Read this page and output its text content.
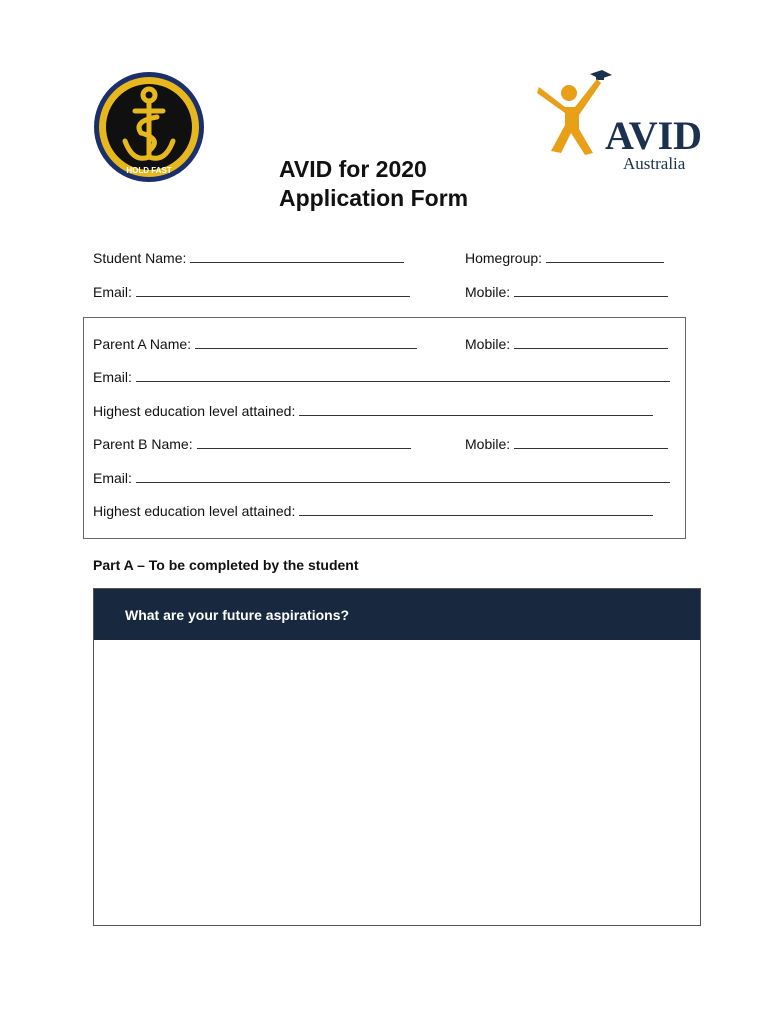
HOLD FAST
AVID
Australia
AVID for 2020
Application Form
Student Name:	Homegroup:
Email:	Mobile:
Parent A Name:	Mobile:
Email:
Highest education level attained:
Parent B Name:	Mobile:
Email:
Highest education level attained:
Part A – To be completed by the student
What are your future aspirations?
